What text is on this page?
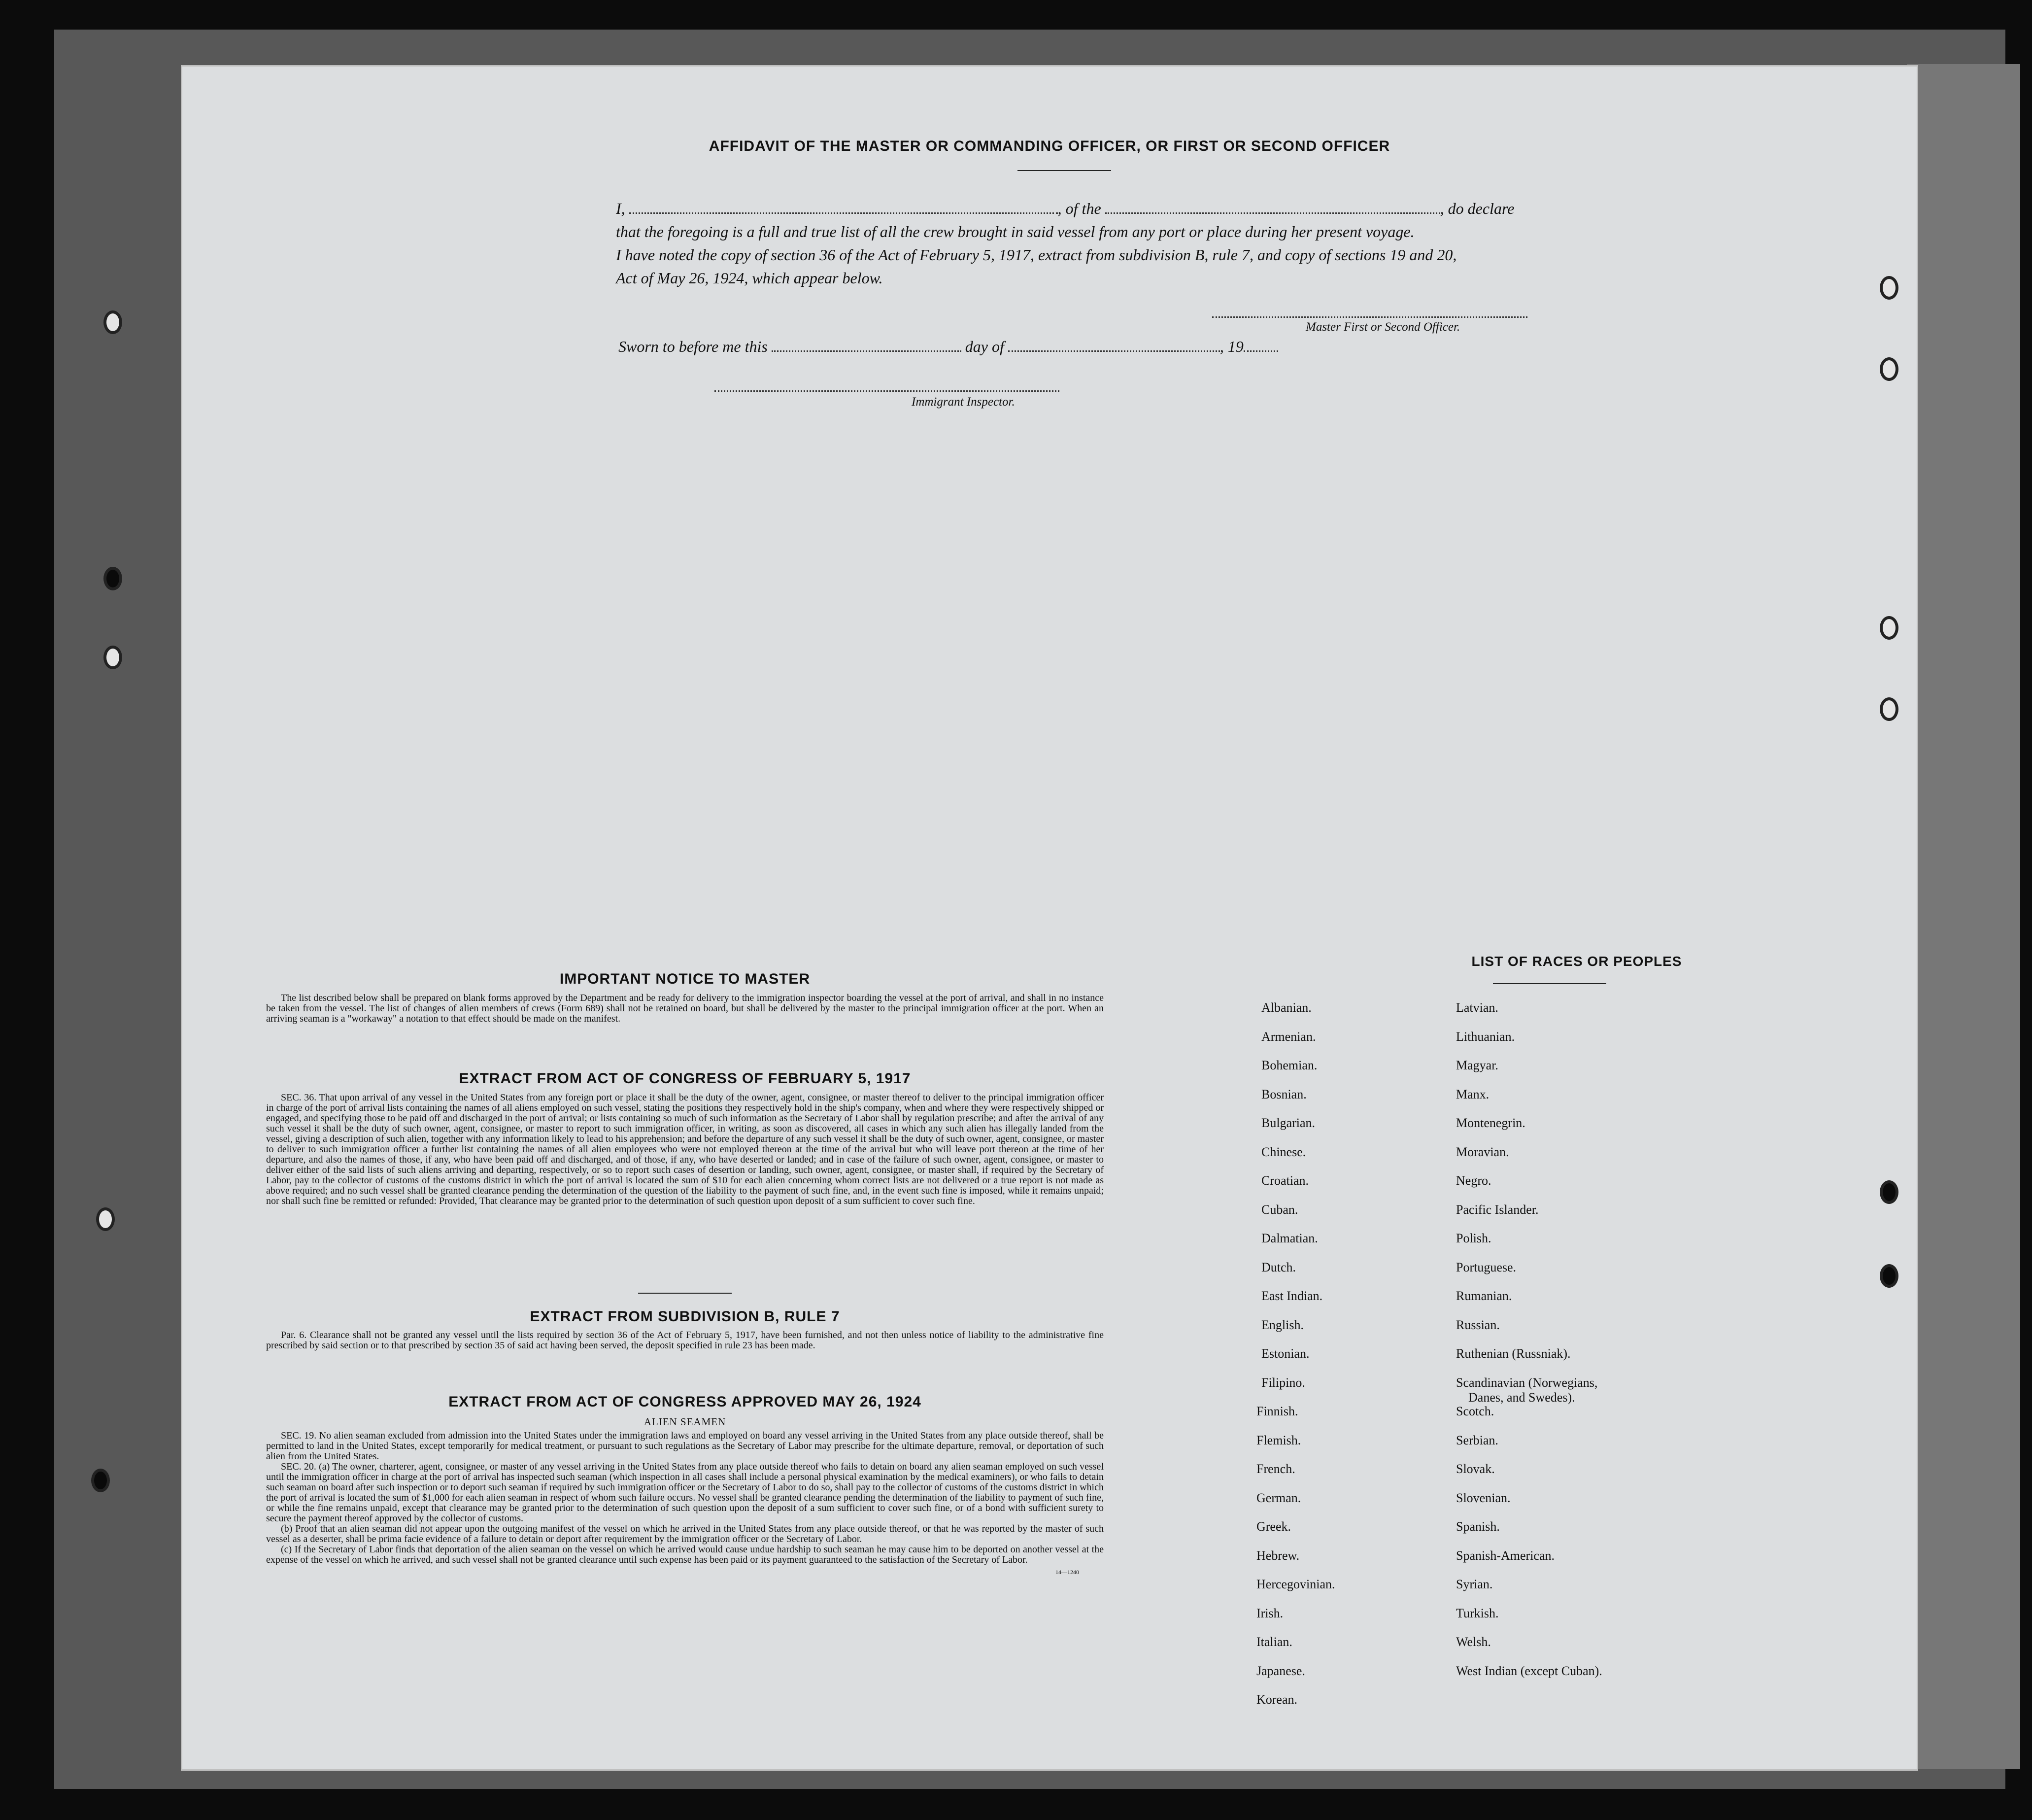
AFFIDAVIT OF THE MASTER OR COMMANDING OFFICER, OR FIRST OR SECOND OFFICER
I,	, of the	, do declare
that the foregoing is a full and true list of all the crew brought in said vessel from any port or place during her present voyage.
I have noted the copy of section 36 of the Act of February 5, 1917, extract from subdivision B, rule 7, and copy of sections 19 and 20,
Act of May 26, 1924, which appear below.
Master First or Second Officer.
Sworn to before me this	day of	, 19
Immigrant Inspector.
IMPORTANT NOTICE TO MASTER
The list described below shall be prepared on blank forms approved by the Department and be ready for delivery to the immigration inspector boarding the vessel at the port of arrival, and shall in no instance be taken from the vessel. The list of changes of alien members of crews (Form 689) shall not be retained on board, but shall be delivered by the master to the principal immigration officer at the port. When an arriving seaman is a "workaway" a notation to that effect should be made on the manifest.
EXTRACT FROM ACT OF CONGRESS OF FEBRUARY 5, 1917
SEC. 36. That upon arrival of any vessel in the United States from any foreign port or place it shall be the duty of the owner, agent, consignee, or master thereof to deliver to the principal immigration officer in charge of the port of arrival lists containing the names of all aliens employed on such vessel, stating the positions they respectively hold in the ship's company, when and where they were respectively shipped or engaged, and specifying those to be paid off and discharged in the port of arrival; or lists containing so much of such information as the Secretary of Labor shall by regulation prescribe; and after the arrival of any such vessel it shall be the duty of such owner, agent, consignee, or master to report to such immigration officer, in writing, as soon as discovered, all cases in which any such alien has illegally landed from the vessel, giving a description of such alien, together with any information likely to lead to his apprehension; and before the departure of any such vessel it shall be the duty of such owner, agent, consignee, or master to deliver to such immigration officer a further list containing the names of all alien employees who were not employed thereon at the time of the arrival but who will leave port thereon at the time of her departure, and also the names of those, if any, who have been paid off and discharged, and of those, if any, who have deserted or landed; and in case of the failure of such owner, agent, consignee, or master to deliver either of the said lists of such aliens arriving and departing, respectively, or so to report such cases of desertion or landing, such owner, agent, consignee, or master shall, if required by the Secretary of Labor, pay to the collector of customs of the customs district in which the port of arrival is located the sum of $10 for each alien concerning whom correct lists are not delivered or a true report is not made as above required; and no such vessel shall be granted clearance pending the determination of the question of the liability to the payment of such fine, and, in the event such fine is imposed, while it remains unpaid; nor shall such fine be remitted or refunded: Provided, That clearance may be granted prior to the determination of such question upon deposit of a sum sufficient to cover such fine.
EXTRACT FROM SUBDIVISION B, RULE 7
Par. 6. Clearance shall not be granted any vessel until the lists required by section 36 of the Act of February 5, 1917, have been furnished, and not then unless notice of liability to the administrative fine prescribed by said section or to that prescribed by section 35 of said act having been served, the deposit specified in rule 23 has been made.
EXTRACT FROM ACT OF CONGRESS APPROVED MAY 26, 1924
ALIEN SEAMEN
SEC. 19. No alien seaman excluded from admission into the United States under the immigration laws and employed on board any vessel arriving in the United States from any place outside thereof, shall be permitted to land in the United States, except temporarily for medical treatment, or pursuant to such regulations as the Secretary of Labor may prescribe for the ultimate departure, removal, or deportation of such alien from the United States.
SEC. 20. (a) The owner, charterer, agent, consignee, or master of any vessel arriving in the United States from any place outside thereof who fails to detain on board any alien seaman employed on such vessel until the immigration officer in charge at the port of arrival has inspected such seaman (which inspection in all cases shall include a personal physical examination by the medical examiners), or who fails to detain such seaman on board after such inspection or to deport such seaman if required by such immigration officer or the Secretary of Labor to do so, shall pay to the collector of customs of the customs district in which the port of arrival is located the sum of $1,000 for each alien seaman in respect of whom such failure occurs. No vessel shall be granted clearance pending the determination of the liability to payment of such fine, or while the fine remains unpaid, except that clearance may be granted prior to the determination of such question upon the deposit of a sum sufficient to cover such fine, or of a bond with sufficient surety to secure the payment thereof approved by the collector of customs.
(b) Proof that an alien seaman did not appear upon the outgoing manifest of the vessel on which he arrived in the United States from any place outside thereof, or that he was reported by the master of such vessel as a deserter, shall be prima facie evidence of a failure to detain or deport after requirement by the immigration officer or the Secretary of Labor.
(c) If the Secretary of Labor finds that deportation of the alien seaman on the vessel on which he arrived would cause undue hardship to such seaman he may cause him to be deported on another vessel at the expense of the vessel on which he arrived, and such vessel shall not be granted clearance until such expense has been paid or its payment guaranteed to the satisfaction of the Secretary of Labor.
14—1240
LIST OF RACES OR PEOPLES
Albanian.
Armenian.
Bohemian.
Bosnian.
Bulgarian.
Chinese.
Croatian.
Cuban.
Dalmatian.
Dutch.
East Indian.
English.
Estonian.
Filipino.
Finnish.
Flemish.
French.
German.
Greek.
Hebrew.
Hercegovinian.
Irish.
Italian.
Japanese.
Korean.
Latvian.
Lithuanian.
Magyar.
Manx.
Montenegrin.
Moravian.
Negro.
Pacific Islander.
Polish.
Portuguese.
Rumanian.
Russian.
Ruthenian (Russniak).
Scandinavian (Norwegians,
Danes, and Swedes).
Scotch.
Serbian.
Slovak.
Slovenian.
Spanish.
Spanish-American.
Syrian.
Turkish.
Welsh.
West Indian (except Cuban).
